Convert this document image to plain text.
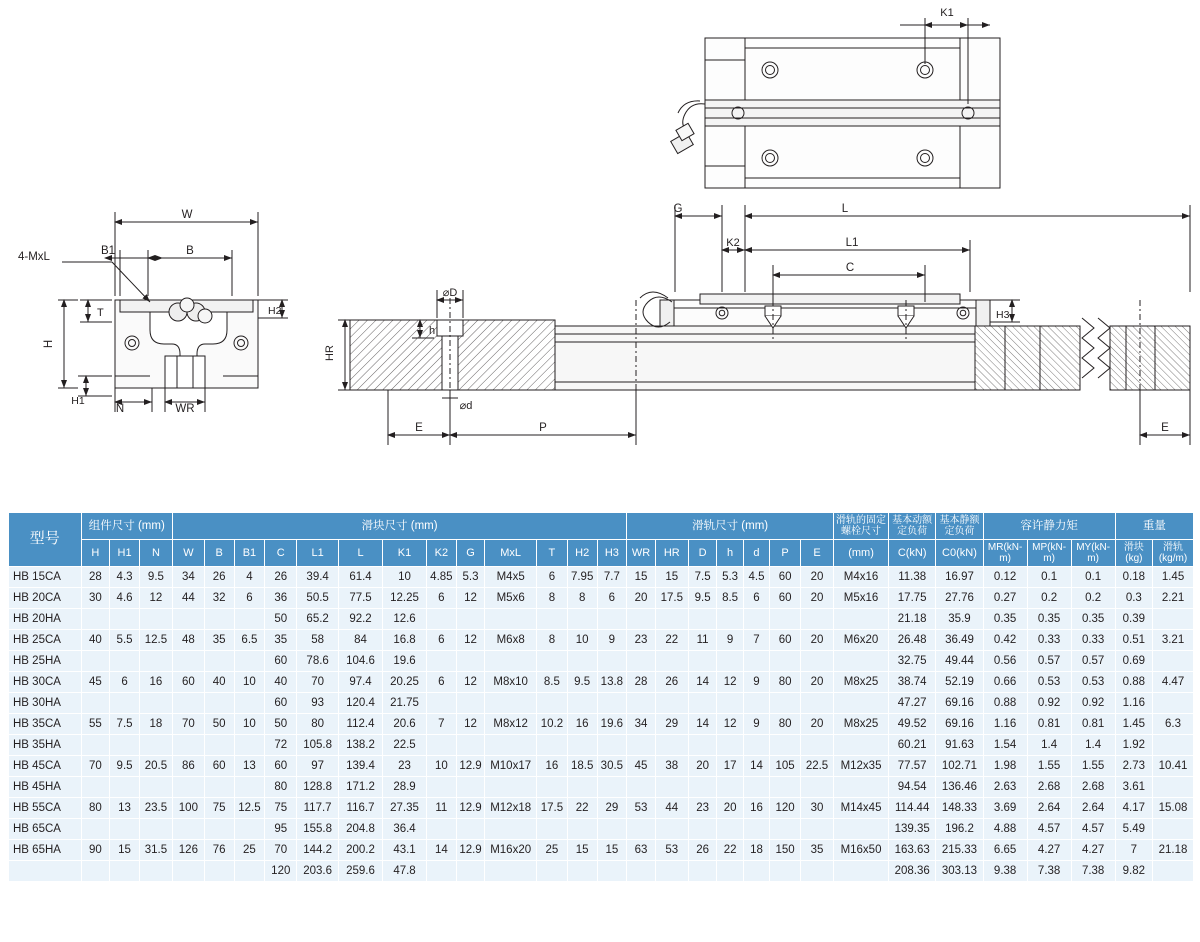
K1
4-MxL
W
B1	B
H2
T
H
H1
N	WR
L
G
K2	L1
C
H3
⌀D
h
HR
⌀d
E	P	E
型号	组件尺寸 (mm)			滑块尺寸 (mm)													滑轨尺寸 (mm)							滑轨的固定螺栓尺寸	基本动额定负荷	基本静额定负荷	容许静力矩			重量	
	H	H1	N	W	B	B1	C	L1	L	K1	K2	G	MxL	T	H2	H3	WR	HR	D	h	d	P	E	(mm)	C(kN)	C0(kN)	MR(kN-m)	MP(kN-m)	MY(kN-m)	滑块(kg)	滑轨(kg/m)
HB 15CA	28	4.3	9.5	34	26	4	26	39.4	61.4	10	4.85	5.3	M4x5	6	7.95	7.7	15	15	7.5	5.3	4.5	60	20	M4x16	11.38	16.97	0.12	0.1	0.1	0.18	1.45
HB 20CA	30	4.6	12	44	32	6	36	50.5	77.5	12.25	6	12	M5x6	8	8	6	20	17.5	9.5	8.5	6	60	20	M5x16	17.75	27.76	0.27	0.2	0.2	0.3	2.21
HB 20HA							50	65.2	92.2	12.6															21.18	35.9	0.35	0.35	0.35	0.39	
HB 25CA	40	5.5	12.5	48	35	6.5	35	58	84	16.8	6	12	M6x8	8	10	9	23	22	11	9	7	60	20	M6x20	26.48	36.49	0.42	0.33	0.33	0.51	3.21
HB 25HA							60	78.6	104.6	19.6															32.75	49.44	0.56	0.57	0.57	0.69	
HB 30CA	45	6	16	60	40	10	40	70	97.4	20.25	6	12	M8x10	8.5	9.5	13.8	28	26	14	12	9	80	20	M8x25	38.74	52.19	0.66	0.53	0.53	0.88	4.47
HB 30HA							60	93	120.4	21.75															47.27	69.16	0.88	0.92	0.92	1.16	
HB 35CA	55	7.5	18	70	50	10	50	80	112.4	20.6	7	12	M8x12	10.2	16	19.6	34	29	14	12	9	80	20	M8x25	49.52	69.16	1.16	0.81	0.81	1.45	6.3
HB 35HA							72	105.8	138.2	22.5															60.21	91.63	1.54	1.4	1.4	1.92	
HB 45CA	70	9.5	20.5	86	60	13	60	97	139.4	23	10	12.9	M10x17	16	18.5	30.5	45	38	20	17	14	105	22.5	M12x35	77.57	102.71	1.98	1.55	1.55	2.73	10.41
HB 45HA							80	128.8	171.2	28.9															94.54	136.46	2.63	2.68	2.68	3.61	
HB 55CA	80	13	23.5	100	75	12.5	75	117.7	116.7	27.35	11	12.9	M12x18	17.5	22	29	53	44	23	20	16	120	30	M14x45	114.44	148.33	3.69	2.64	2.64	4.17	15.08
HB 65CA							95	155.8	204.8	36.4															139.35	196.2	4.88	4.57	4.57	5.49	
HB 65HA	90	15	31.5	126	76	25	70	144.2	200.2	43.1	14	12.9	M16x20	25	15	15	63	53	26	22	18	150	35	M16x50	163.63	215.33	6.65	4.27	4.27	7	21.18
							120	203.6	259.6	47.8															208.36	303.13	9.38	7.38	7.38	9.82	
